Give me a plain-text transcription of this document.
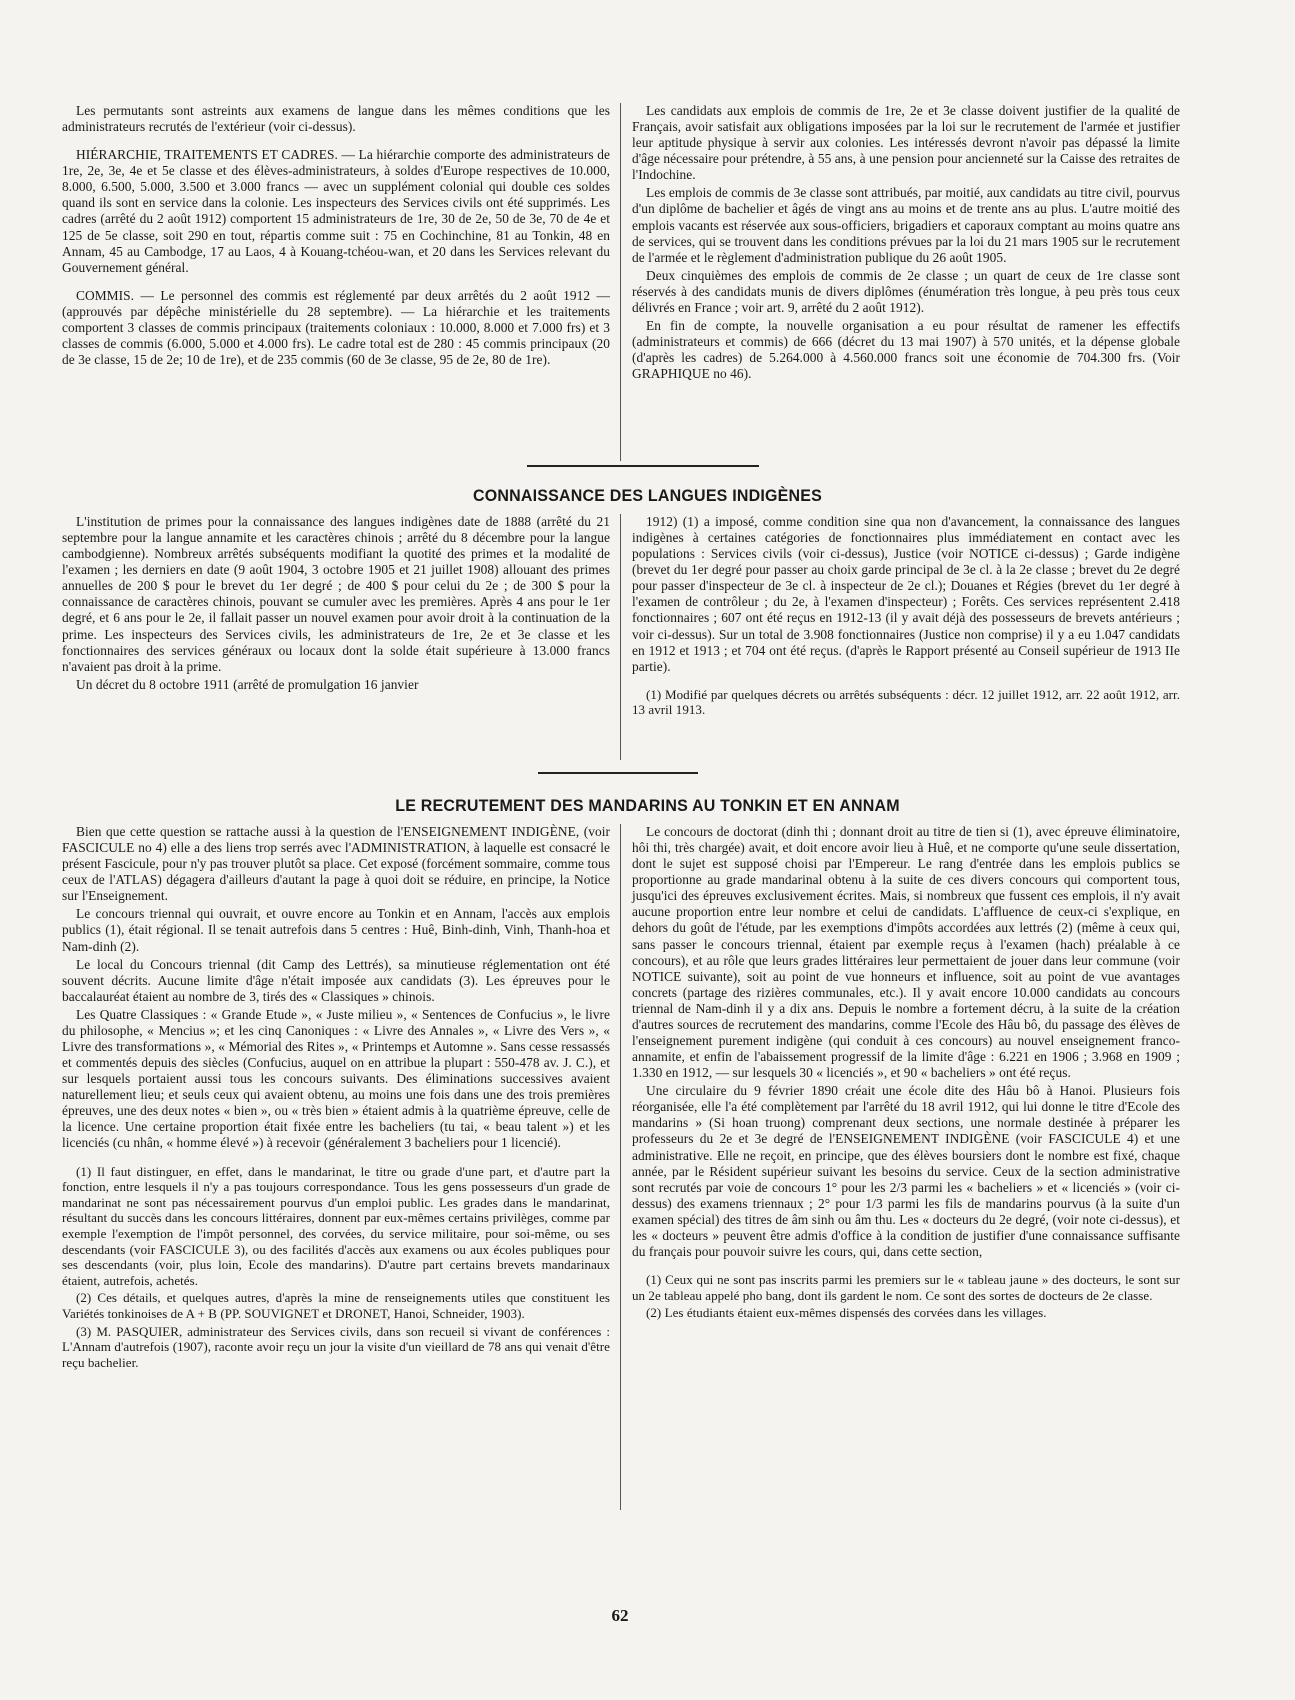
Les permutants sont astreints aux examens de langue dans les mêmes conditions que les administrateurs recrutés de l'extérieur (voir ci-dessus).

HIÉRARCHIE, TRAITEMENTS ET CADRES. — La hiérarchie comporte des administrateurs de 1re, 2e, 3e, 4e et 5e classe et des élèves-administrateurs, à soldes d'Europe respectives de 10.000, 8.000, 6.500, 5.000, 3.500 et 3.000 francs — avec un supplément colonial qui double ces soldes quand ils sont en service dans la colonie. Les inspecteurs des Services civils ont été supprimés. Les cadres (arrêté du 2 août 1912) comportent 15 administrateurs de 1re, 30 de 2e, 50 de 3e, 70 de 4e et 125 de 5e classe, soit 290 en tout, répartis comme suit : 75 en Cochinchine, 81 au Tonkin, 48 en Annam, 45 au Cambodge, 17 au Laos, 4 à Kouang-tchéou-wan, et 20 dans les Services relevant du Gouvernement général.

COMMIS. — Le personnel des commis est réglementé par deux arrêtés du 2 août 1912 — (approuvés par dépêche ministérielle du 28 septembre). — La hiérarchie et les traitements comportent 3 classes de commis principaux (traitements coloniaux : 10.000, 8.000 et 7.000 frs) et 3 classes de commis (6.000, 5.000 et 4.000 frs). Le cadre total est de 280 : 45 commis principaux (20 de 3e classe, 15 de 2e; 10 de 1re), et de 235 commis (60 de 3e classe, 95 de 2e, 80 de 1re).

Les candidats aux emplois de commis de 1re, 2e et 3e classe doivent justifier de la qualité de Français, avoir satisfait aux obligations imposées par la loi sur le recrutement de l'armée et justifier leur aptitude physique à servir aux colonies. Les intéressés devront n'avoir pas dépassé la limite d'âge nécessaire pour prétendre, à 55 ans, à une pension pour ancienneté sur la Caisse des retraites de l'Indochine.

Les emplois de commis de 3e classe sont attribués, par moitié, aux candidats au titre civil, pourvus d'un diplôme de bachelier et âgés de vingt ans au moins et de trente ans au plus. L'autre moitié des emplois vacants est réservée aux sous-officiers, brigadiers et caporaux comptant au moins quatre ans de services, qui se trouvent dans les conditions prévues par la loi du 21 mars 1905 sur le recrutement de l'armée et le règlement d'administration publique du 26 août 1905.

Deux cinquièmes des emplois de commis de 2e classe ; un quart de ceux de 1re classe sont réservés à des candidats munis de divers diplômes (énumération très longue, à peu près tous ceux délivrés en France ; voir art. 9, arrêté du 2 août 1912).

En fin de compte, la nouvelle organisation a eu pour résultat de ramener les effectifs (administrateurs et commis) de 666 (décret du 13 mai 1907) à 570 unités, et la dépense globale (d'après les cadres) de 5.264.000 à 4.560.000 francs soit une économie de 704.300 frs. (Voir GRAPHIQUE no 46).

CONNAISSANCE DES LANGUES INDIGÈNES

L'institution de primes pour la connaissance des langues indigènes date de 1888 (arrêté du 21 septembre pour la langue annamite et les caractères chinois ; arrêté du 8 décembre pour la langue cambodgienne). Nombreux arrêtés subséquents modifiant la quotité des primes et la modalité de l'examen ; les derniers en date (9 août 1904, 3 octobre 1905 et 21 juillet 1908) allouant des primes annuelles de 200 $ pour le brevet du 1er degré ; de 400 $ pour celui du 2e ; de 300 $ pour la connaissance de caractères chinois, pouvant se cumuler avec les premières. Après 4 ans pour le 1er degré, et 6 ans pour le 2e, il fallait passer un nouvel examen pour avoir droit à la continuation de la prime. Les inspecteurs des Services civils, les administrateurs de 1re, 2e et 3e classe et les fonctionnaires des services généraux ou locaux dont la solde était supérieure à 13.000 francs n'avaient pas droit à la prime.

Un décret du 8 octobre 1911 (arrêté de promulgation 16 janvier

1912) (1) a imposé, comme condition sine qua non d'avancement, la connaissance des langues indigènes à certaines catégories de fonctionnaires plus immédiatement en contact avec les populations : Services civils (voir ci-dessus), Justice (voir NOTICE ci-dessus) ; Garde indigène (brevet du 1er degré pour passer au choix garde principal de 3e cl. à la 2e classe ; brevet du 2e degré pour passer d'inspecteur de 3e cl. à inspecteur de 2e cl.); Douanes et Régies (brevet du 1er degré à l'examen de contrôleur ; du 2e, à l'examen d'inspecteur) ; Forêts. Ces services représentent 2.418 fonctionnaires ; 607 ont été reçus en 1912-13 (il y avait déjà des possesseurs de brevets antérieurs ; voir ci-dessus). Sur un total de 3.908 fonctionnaires (Justice non comprise) il y a eu 1.047 candidats en 1912 et 1913 ; et 704 ont été reçus. (d'après le Rapport présenté au Conseil supérieur de 1913 IIe partie).

(1) Modifié par quelques décrets ou arrêtés subséquents : décr. 12 juillet 1912, arr. 22 août 1912, arr. 13 avril 1913.

LE RECRUTEMENT DES MANDARINS AU TONKIN ET EN ANNAM

Bien que cette question se rattache aussi à la question de l'ENSEIGNEMENT INDIGÈNE, (voir FASCICULE no 4) elle a des liens trop serrés avec l'ADMINISTRATION, à laquelle est consacré le présent Fascicule, pour n'y pas trouver plutôt sa place. Cet exposé (forcément sommaire, comme tous ceux de l'ATLAS) dégagera d'ailleurs d'autant la page à quoi doit se réduire, en principe, la Notice sur l'Enseignement.

Le concours triennal qui ouvrait, et ouvre encore au Tonkin et en Annam, l'accès aux emplois publics (1), était régional. Il se tenait autrefois dans 5 centres : Huê, Binh-dinh, Vinh, Thanh-hoa et Nam-dinh (2).

Le local du Concours triennal (dit Camp des Lettrés), sa minutieuse réglementation ont été souvent décrits. Aucune limite d'âge n'était imposée aux candidats (3). Les épreuves pour le baccalauréat étaient au nombre de 3, tirés des « Classiques » chinois.

Les Quatre Classiques : « Grande Etude », « Juste milieu », « Sentences de Confucius », le livre du philosophe, « Mencius »; et les cinq Canoniques : « Livre des Annales », « Livre des Vers », « Livre des transformations », « Mémorial des Rites », « Printemps et Automne ». Sans cesse ressassés et commentés depuis des siècles (Confucius, auquel on en attribue la plupart : 550-478 av. J. C.), et sur lesquels portaient aussi tous les concours suivants. Des éliminations successives avaient naturellement lieu; et seuls ceux qui avaient obtenu, au moins une fois dans une des trois premières épreuves, une des deux notes « bien », ou « très bien » étaient admis à la quatrième épreuve, celle de la licence. Une certaine proportion était fixée entre les bacheliers (tu tai, « beau talent ») et les licenciés (cu nhân, « homme élevé ») à recevoir (généralement 3 bacheliers pour 1 licencié).

(1) Il faut distinguer, en effet, dans le mandarinat, le titre ou grade d'une part, et d'autre part la fonction, entre lesquels il n'y a pas toujours correspondance. Tous les gens possesseurs d'un grade de mandarinat ne sont pas nécessairement pourvus d'un emploi public. Les grades dans le mandarinat, résultant du succès dans les concours littéraires, donnent par eux-mêmes certains privilèges, comme par exemple l'exemption de l'impôt personnel, des corvées, du service militaire, pour soi-même, ou ses descendants (voir FASCICULE 3), ou des facilités d'accès aux examens ou aux écoles publiques pour ses descendants (voir, plus loin, Ecole des mandarins). D'autre part certains brevets mandarinaux étaient, autrefois, achetés.

(2) Ces détails, et quelques autres, d'après la mine de renseignements utiles que constituent les Variétés tonkinoises de A + B (PP. SOUVIGNET et DRONET, Hanoi, Schneider, 1903).

(3) M. PASQUIER, administrateur des Services civils, dans son recueil si vivant de conférences : L'Annam d'autrefois (1907), raconte avoir reçu un jour la visite d'un vieillard de 78 ans qui venait d'être reçu bachelier.

Le concours de doctorat (dinh thi ; donnant droit au titre de tien si (1), avec épreuve éliminatoire, hôi thi, très chargée) avait, et doit encore avoir lieu à Huê, et ne comporte qu'une seule dissertation, dont le sujet est supposé choisi par l'Empereur. Le rang d'entrée dans les emplois publics se proportionne au grade mandarinal obtenu à la suite de ces divers concours qui comportent tous, jusqu'ici des épreuves exclusivement écrites. Mais, si nombreux que fussent ces emplois, il n'y avait aucune proportion entre leur nombre et celui de candidats. L'affluence de ceux-ci s'explique, en dehors du goût de l'étude, par les exemptions d'impôts accordées aux lettrés (2) (même à ceux qui, sans passer le concours triennal, étaient par exemple reçus à l'examen (hach) préalable à ce concours), et au rôle que leurs grades littéraires leur permettaient de jouer dans leur commune (voir NOTICE suivante), soit au point de vue honneurs et influence, soit au point de vue avantages concrets (partage des rizières communales, etc.). Il y avait encore 10.000 candidats au concours triennal de Nam-dinh il y a dix ans. Depuis le nombre a fortement décru, à la suite de la création d'autres sources de recrutement des mandarins, comme l'Ecole des Hâu bô, du passage des élèves de l'enseignement purement indigène (qui conduit à ces concours) au nouvel enseignement franco-annamite, et enfin de l'abaissement progressif de la limite d'âge : 6.221 en 1906 ; 3.968 en 1909 ; 1.330 en 1912, — sur lesquels 30 « licenciés », et 90 « bacheliers » ont été reçus.

Une circulaire du 9 février 1890 créait une école dite des Hâu bô à Hanoi. Plusieurs fois réorganisée, elle l'a été complètement par l'arrêté du 18 avril 1912, qui lui donne le titre d'Ecole des mandarins » (Si hoan truong) comprenant deux sections, une normale destinée à préparer les professeurs du 2e et 3e degré de l'ENSEIGNEMENT INDIGÈNE (voir FASCICULE 4) et une administrative. Elle ne reçoit, en principe, que des élèves boursiers dont le nombre est fixé, chaque année, par le Résident supérieur suivant les besoins du service. Ceux de la section administrative sont recrutés par voie de concours 1° pour les 2/3 parmi les « bacheliers » et « licenciés » (voir ci-dessus) des examens triennaux ; 2° pour 1/3 parmi les fils de mandarins pourvus (à la suite d'un examen spécial) des titres de âm sinh ou âm thu. Les « docteurs du 2e degré, (voir note ci-dessus), et les « docteurs » peuvent être admis d'office à la condition de justifier d'une connaissance suffisante du français pour pouvoir suivre les cours, qui, dans cette section,

(1) Ceux qui ne sont pas inscrits parmi les premiers sur le « tableau jaune » des docteurs, le sont sur un 2e tableau appelé pho bang, dont ils gardent le nom. Ce sont des sortes de docteurs de 2e classe.

(2) Les étudiants étaient eux-mêmes dispensés des corvées dans les villages.

62
